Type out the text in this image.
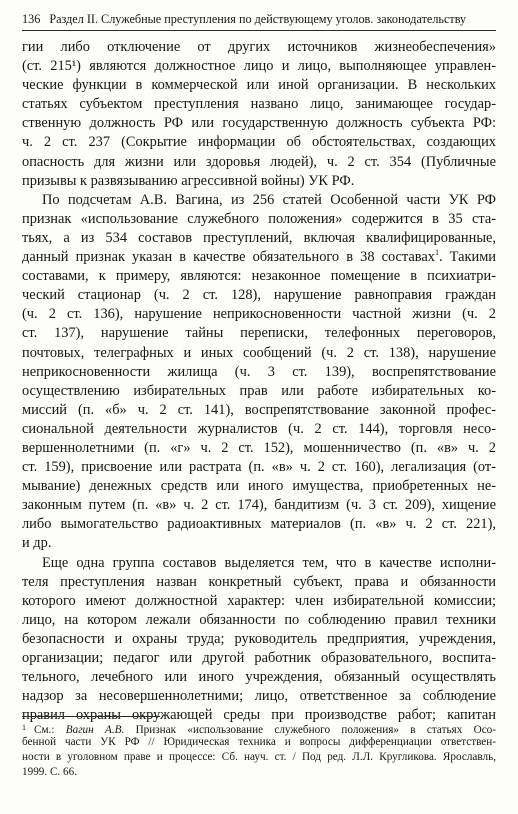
136 Раздел II. Служебные преступления по действующему уголов. законодательству
гии либо отключение от других источников жизнеобеспечения»
(ст. 215¹) являются должностное лицо и лицо, выполняющее управлен-
ческие функции в коммерческой или иной организации. В нескольких
статьях субъектом преступления названо лицо, занимающее государ-
ственную должность РФ или государственную должность субъекта РФ:
ч. 2 ст. 237 (Сокрытие информации об обстоятельствах, создающих
опасность для жизни или здоровья людей), ч. 2 ст. 354 (Публичные
призывы к развязыванию агрессивной войны) УК РФ.
По подсчетам А.В. Вагина, из 256 статей Особенной части УК РФ
признак «использование служебного положения» содержится в 35 ста-
тьях, а из 534 составов преступлений, включая квалифицированные,
данный признак указан в качестве обязательного в 38 составах$^1$. Такими
составами, к примеру, являются: незаконное помещение в психиатри-
ческий стационар (ч. 2 ст. 128), нарушение равноправия граждан
(ч. 2 ст. 136), нарушение неприкосновенности частной жизни (ч. 2
ст. 137), нарушение тайны переписки, телефонных переговоров,
почтовых, телеграфных и иных сообщений (ч. 2 ст. 138), нарушение
неприкосновенности жилища (ч. 3 ст. 139), воспрепятствование
осуществлению избирательных прав или работе избирательных ко-
миссий (п. «б» ч. 2 ст. 141), воспрепятствование законной профес-
сиональной деятельности журналистов (ч. 2 ст. 144), торговля несо-
вершеннолетними (п. «г» ч. 2 ст. 152), мошенничество (п. «в» ч. 2
ст. 159), присвоение или растрата (п. «в» ч. 2 ст. 160), легализация (от-
мывание) денежных средств или иного имущества, приобретенных не-
законным путем (п. «в» ч. 2 ст. 174), бандитизм (ч. 3 ст. 209), хищение
либо вымогательство радиоактивных материалов (п. «в» ч. 2 ст. 221),
и др.
Еще одна группа составов выделяется тем, что в качестве исполни-
теля преступления назван конкретный субъект, права и обязанности
которого имеют должностной характер: член избирательной комиссии;
лицо, на котором лежали обязанности по соблюдению правил техники
безопасности и охраны труда; руководитель предприятия, учреждения,
организации; педагог или другой работник образовательного, воспита-
тельного, лечебного или иного учреждения, обязанный осуществлять
надзор за несовершеннолетними; лицо, ответственное за соблюдение
правил охраны окружающей среды при производстве работ; капитан
$^1$ См.: Вагин А.В. Признак «использование служебного положения» в статьях Осо-
бенной части УК РФ // Юридическая техника и вопросы дифференциации ответствен-
ности в уголовном праве и процессе: Сб. науч. ст. / Под ред. Л.Л. Кругликова. Ярославль,
1999. С. 66.
